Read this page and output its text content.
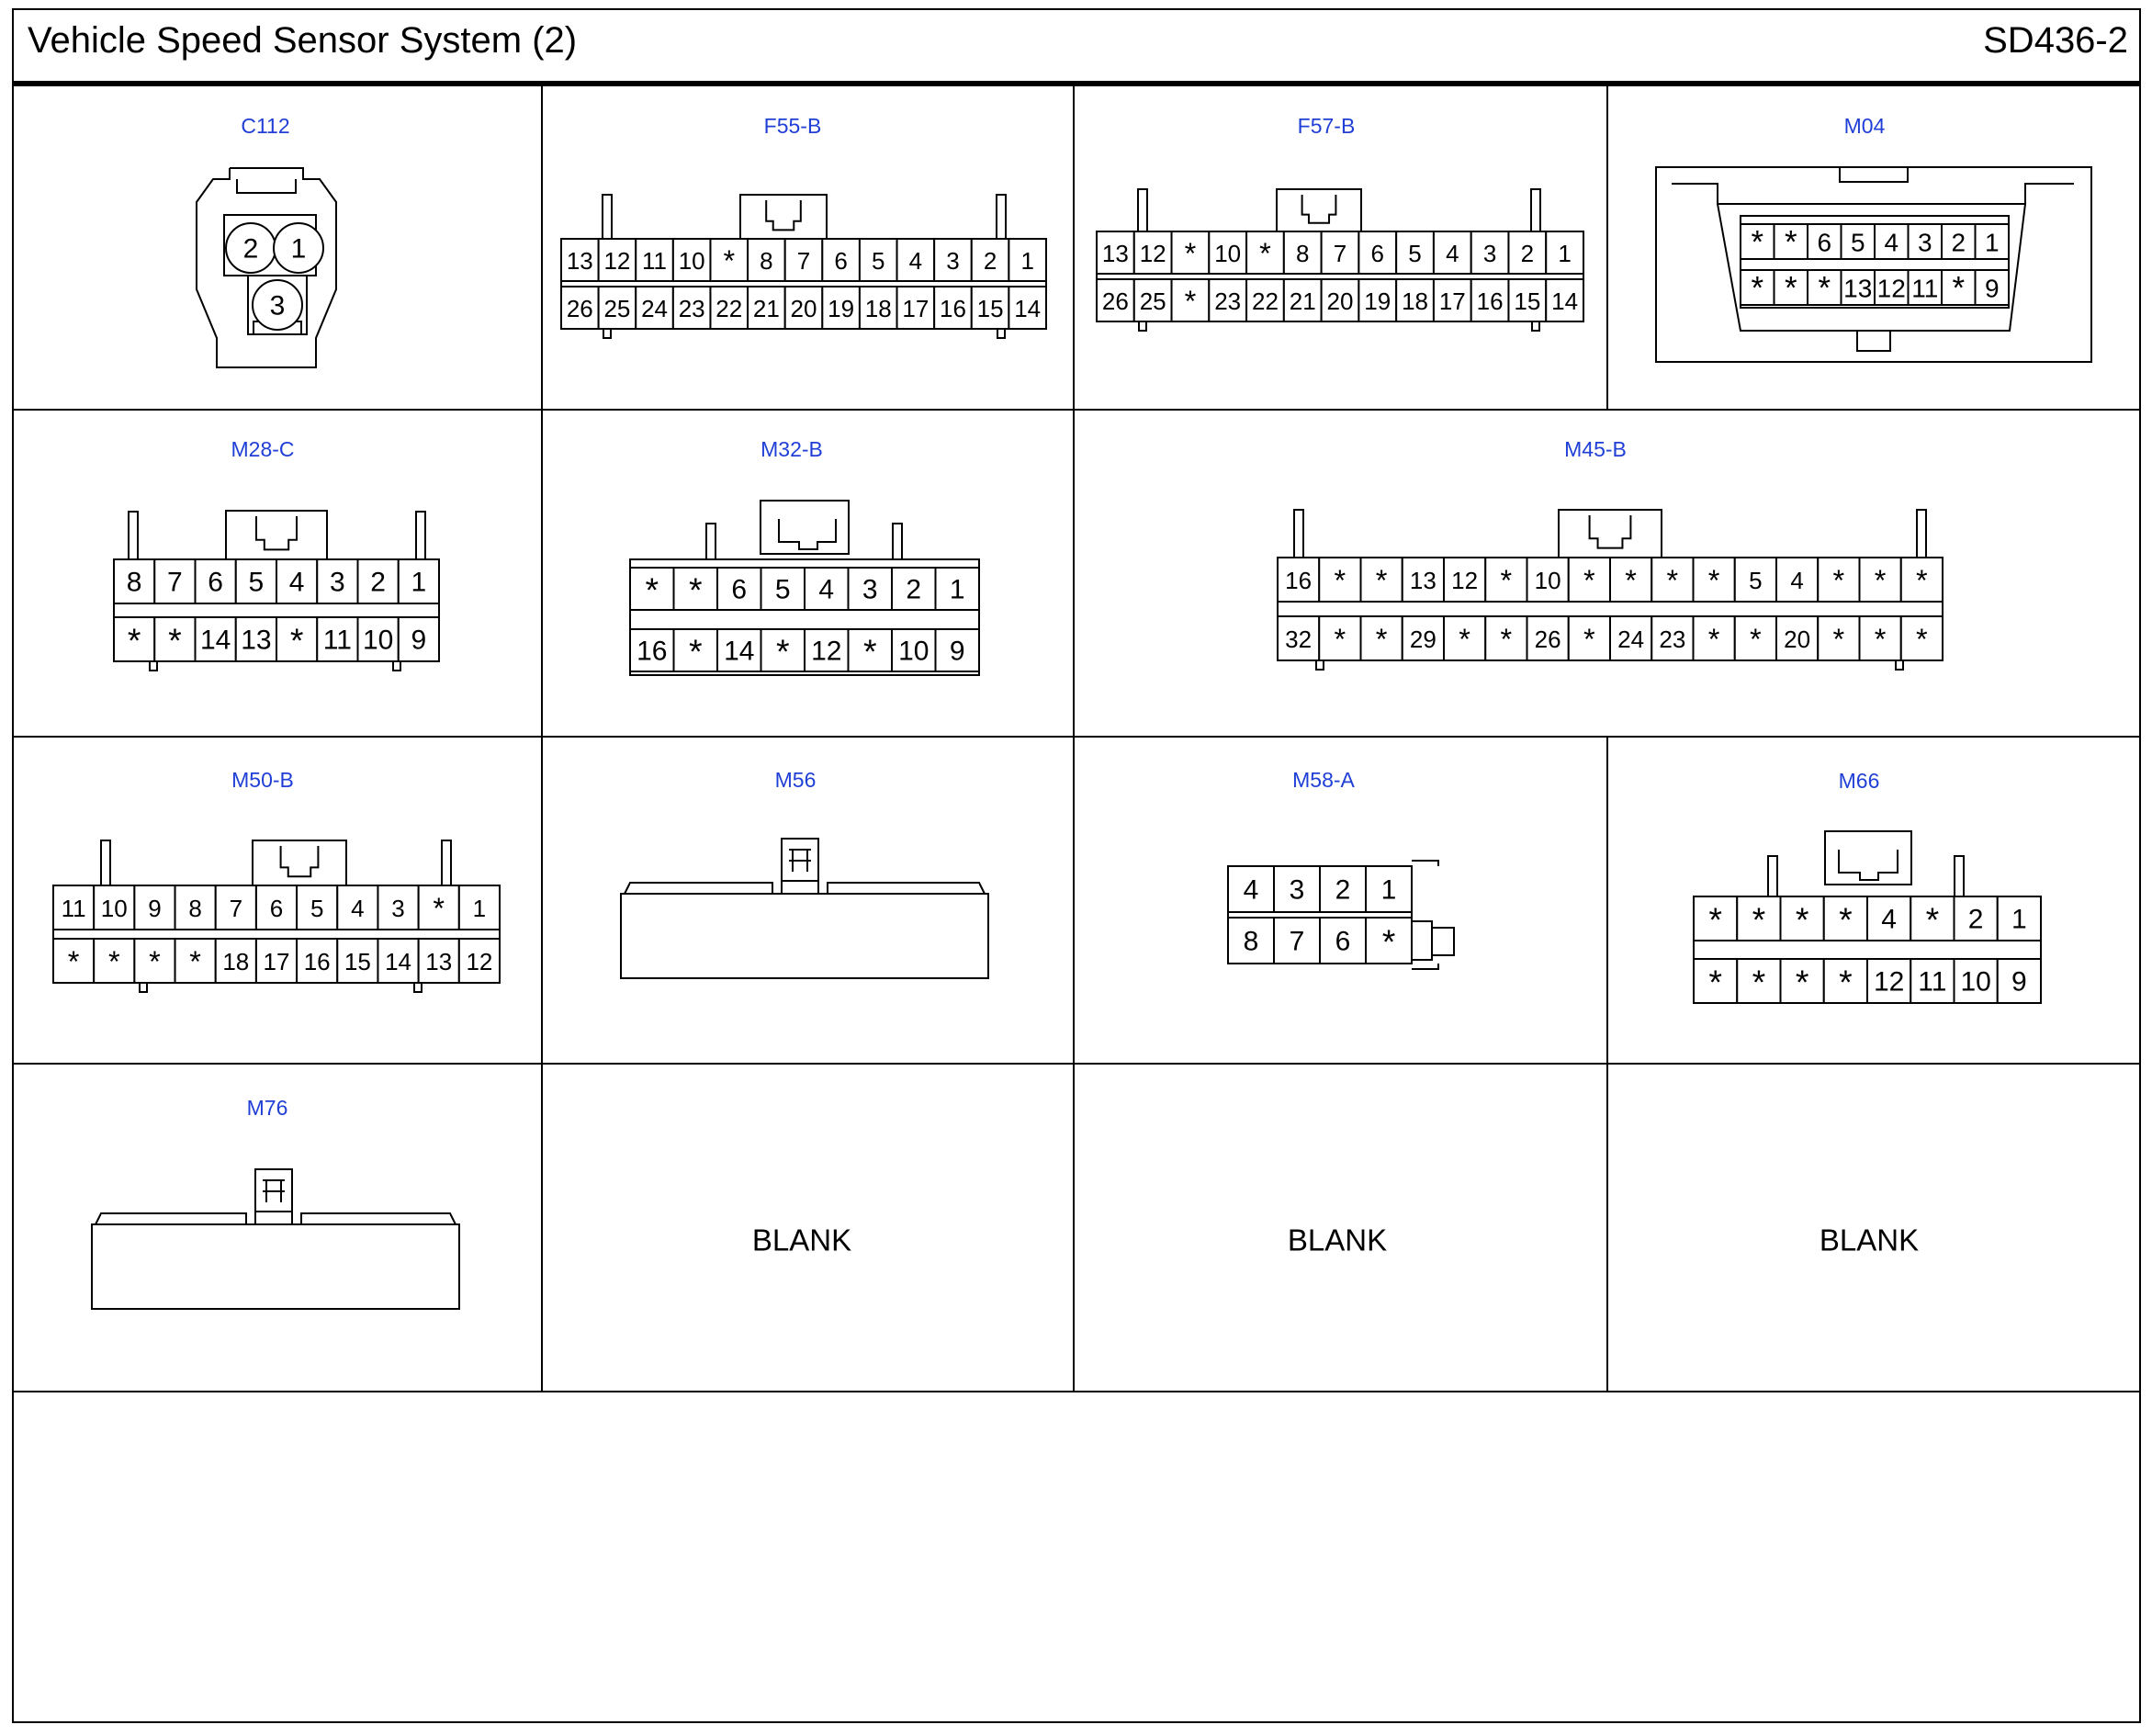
Vehicle Speed Sensor System (2)	SD436-2
C112	F55-B	F57-B	M04
M28-C	M32-B	M45-B
M50-B	M56	M58-A	M66
M76
BLANK	BLANK	BLANK
2 1
3
13 12 11 10 * 8 7 6 5 4 3 2 1
26 25 24 23 22 21 20 19 18 17 16 15 14
13 12 * 10 * 8 7 6 5 4 3 2 1
26 25 * 23 22 21 20 19 18 17 16 15 14
* * 6 5 4 3 2 1
* * * 13 12 11 * 9
8 7 6 5 4 3 2 1
* * 14 13 * 11 10 9
* * 6 5 4 3 2 1
16 * 14 * 12 * 10 9
16 * * 13 12 * 10 * * * * 5 4 * * *
32 * * 29 * * 26 * 24 23 * * 20 * * *
11 10 9 8 7 6 5 4 3 * 1
* * * * 18 17 16 15 14 13 12
4 3 2 1
8 7 6 *
* * * * 4 * 2 1
* * * * 12 11 10 9
